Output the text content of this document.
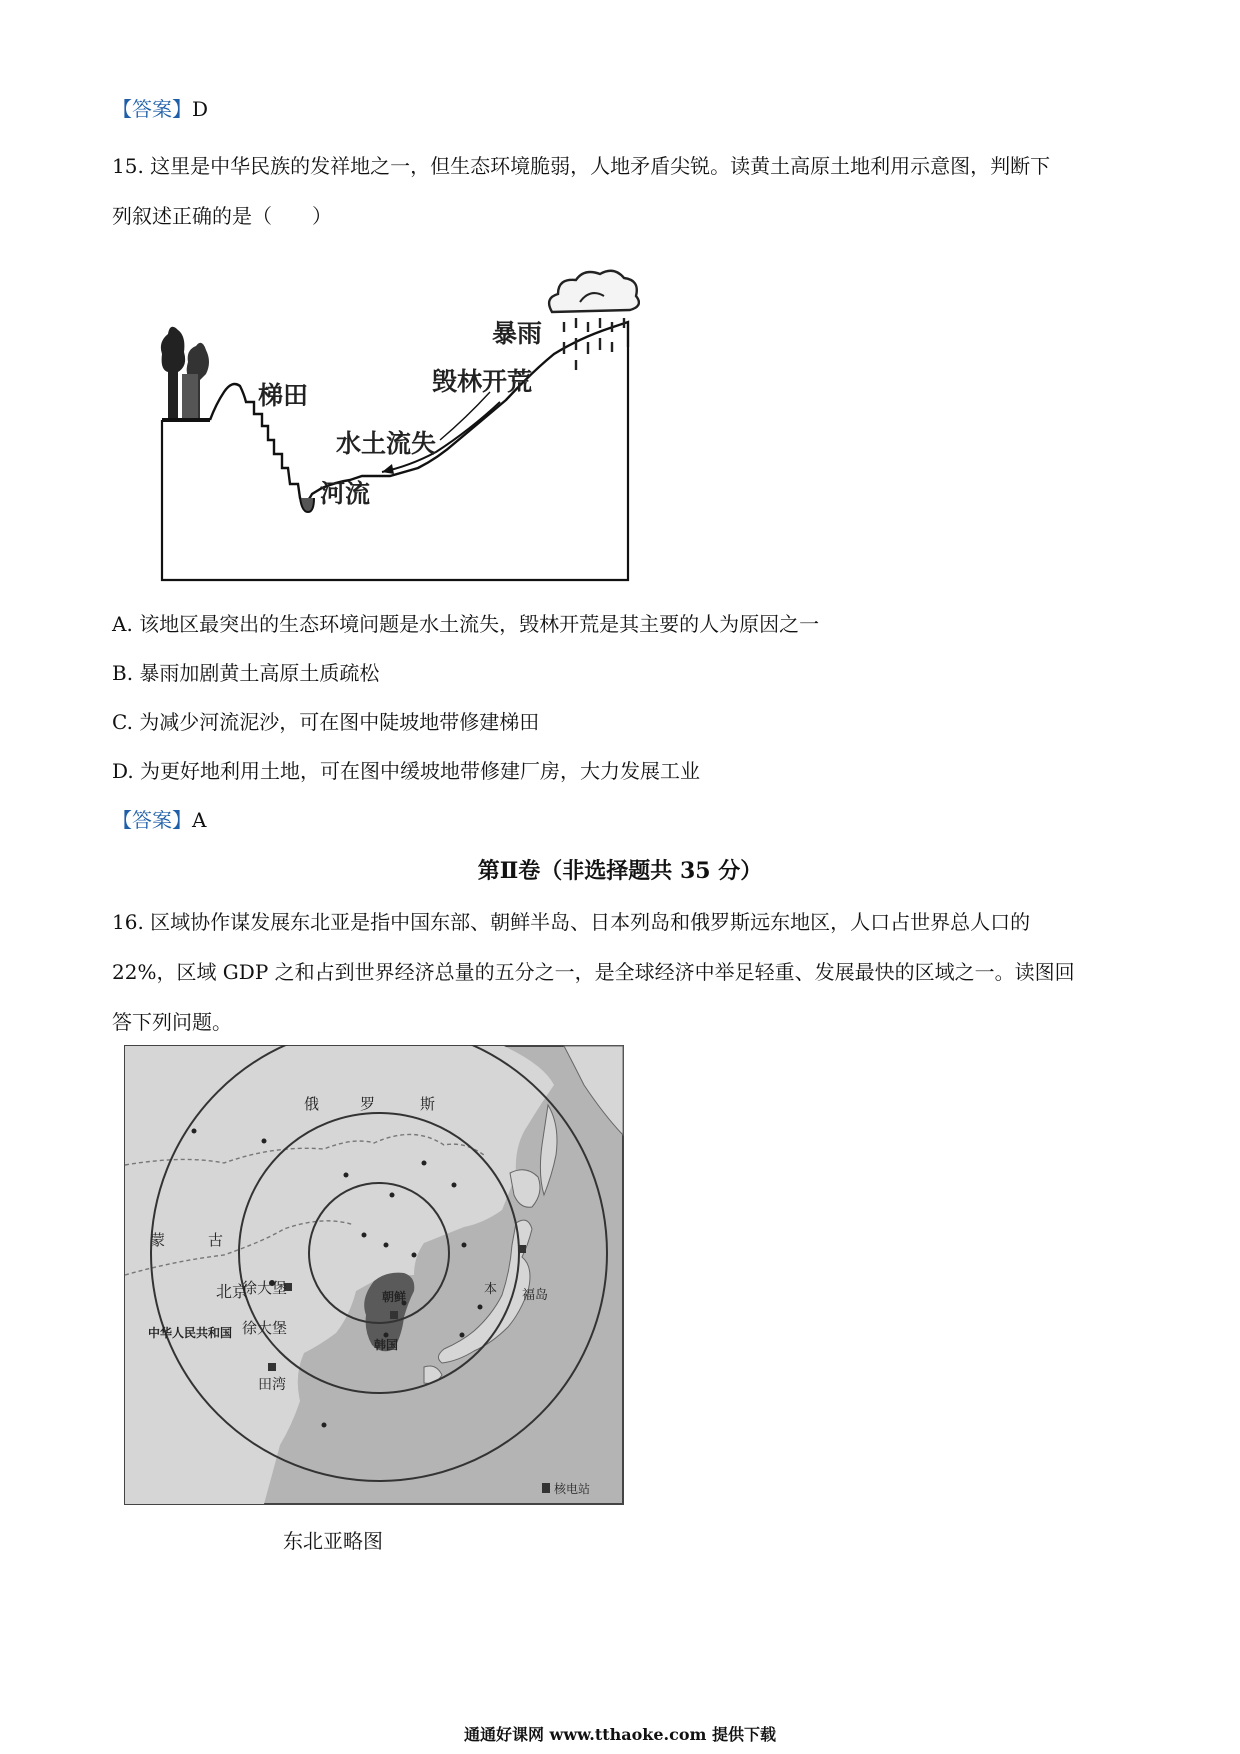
【答案】D
15. 这里是中华民族的发祥地之一，但生态环境脆弱，人地矛盾尖锐。读黄土高原土地利用示意图，判断下
列叙述正确的是（　　）
暴雨
毁林开荒
梯田
水土流失
河流
A. 该地区最突出的生态环境问题是水土流失，毁林开荒是其主要的人为原因之一
B. 暴雨加剧黄土高原土质疏松
C. 为减少河流泥沙，可在图中陡坡地带修建梯田
D. 为更好地利用土地，可在图中缓坡地带修建厂房，大力发展工业
【答案】A
第Ⅱ卷（非选择题共 35 分）
16. 区域协作谋发展东北亚是指中国东部、朝鲜半岛、日本列岛和俄罗斯远东地区，人口占世界总人口的
22%，区域 GDP 之和占到世界经济总量的五分之一，是全球经济中举足轻重、发展最快的区域之一。读图回
答下列问题。
俄	罗	斯
蒙	古
徐大堡
徐大堡
北京	朝鲜
韩国
中华人民共和国
田湾
本 福岛
核电站
东北亚略图
通通好课网 www.tthaoke.com 提供下载
